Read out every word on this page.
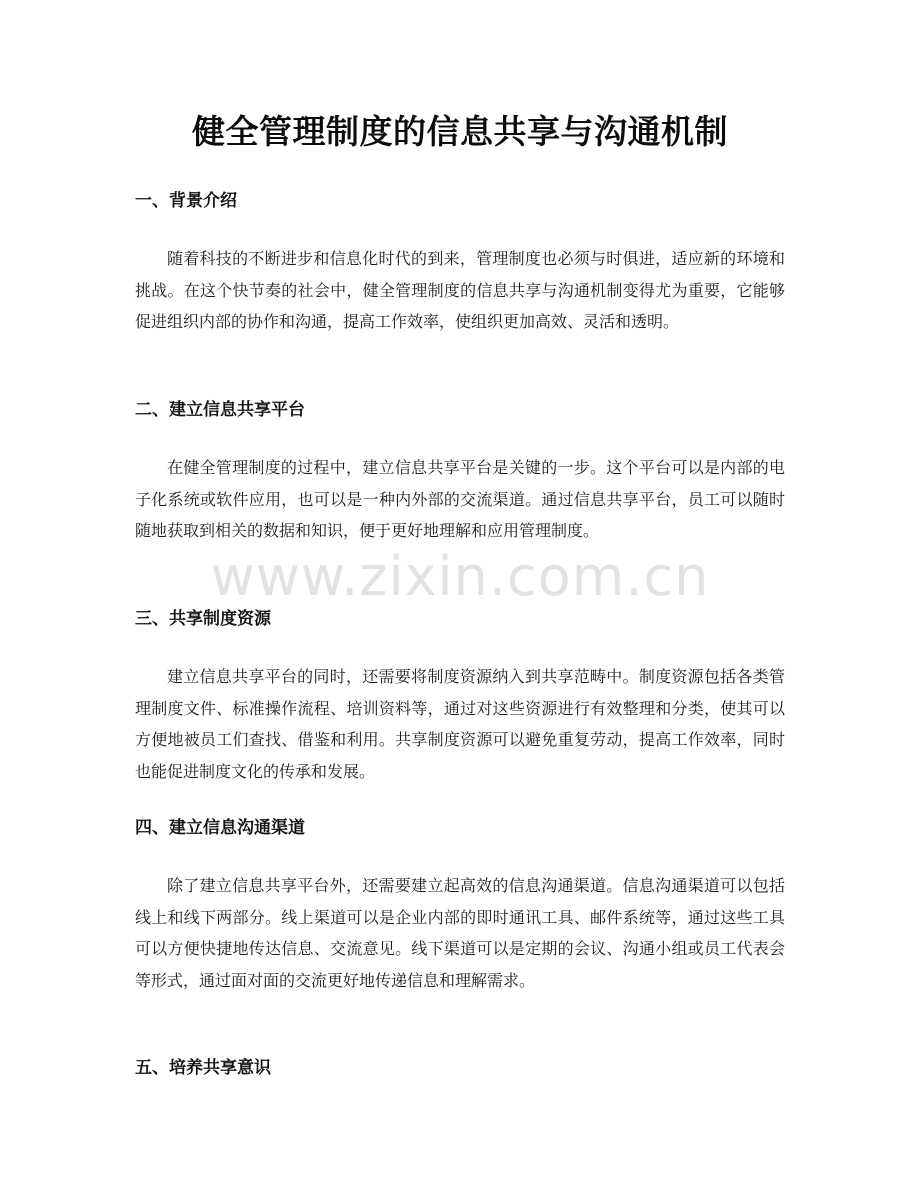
健全管理制度的信息共享与沟通机制
一、背景介绍

随着科技的不断进步和信息化时代的到来，管理制度也必须与时俱进，适应新的环境和挑战。在这个快节奏的社会中，健全管理制度的信息共享与沟通机制变得尤为重要，它能够促进组织内部的协作和沟通，提高工作效率，使组织更加高效、灵活和透明。

二、建立信息共享平台

在健全管理制度的过程中，建立信息共享平台是关键的一步。这个平台可以是内部的电子化系统或软件应用，也可以是一种内外部的交流渠道。通过信息共享平台，员工可以随时随地获取到相关的数据和知识，便于更好地理解和应用管理制度。

三、共享制度资源

建立信息共享平台的同时，还需要将制度资源纳入到共享范畴中。制度资源包括各类管理制度文件、标准操作流程、培训资料等，通过对这些资源进行有效整理和分类，使其可以方便地被员工们查找、借鉴和利用。共享制度资源可以避免重复劳动，提高工作效率，同时也能促进制度文化的传承和发展。

四、建立信息沟通渠道

除了建立信息共享平台外，还需要建立起高效的信息沟通渠道。信息沟通渠道可以包括线上和线下两部分。线上渠道可以是企业内部的即时通讯工具、邮件系统等，通过这些工具可以方便快捷地传达信息、交流意见。线下渠道可以是定期的会议、沟通小组或员工代表会等形式，通过面对面的交流更好地传递信息和理解需求。

五、培养共享意识
www.zixin.com.cn
